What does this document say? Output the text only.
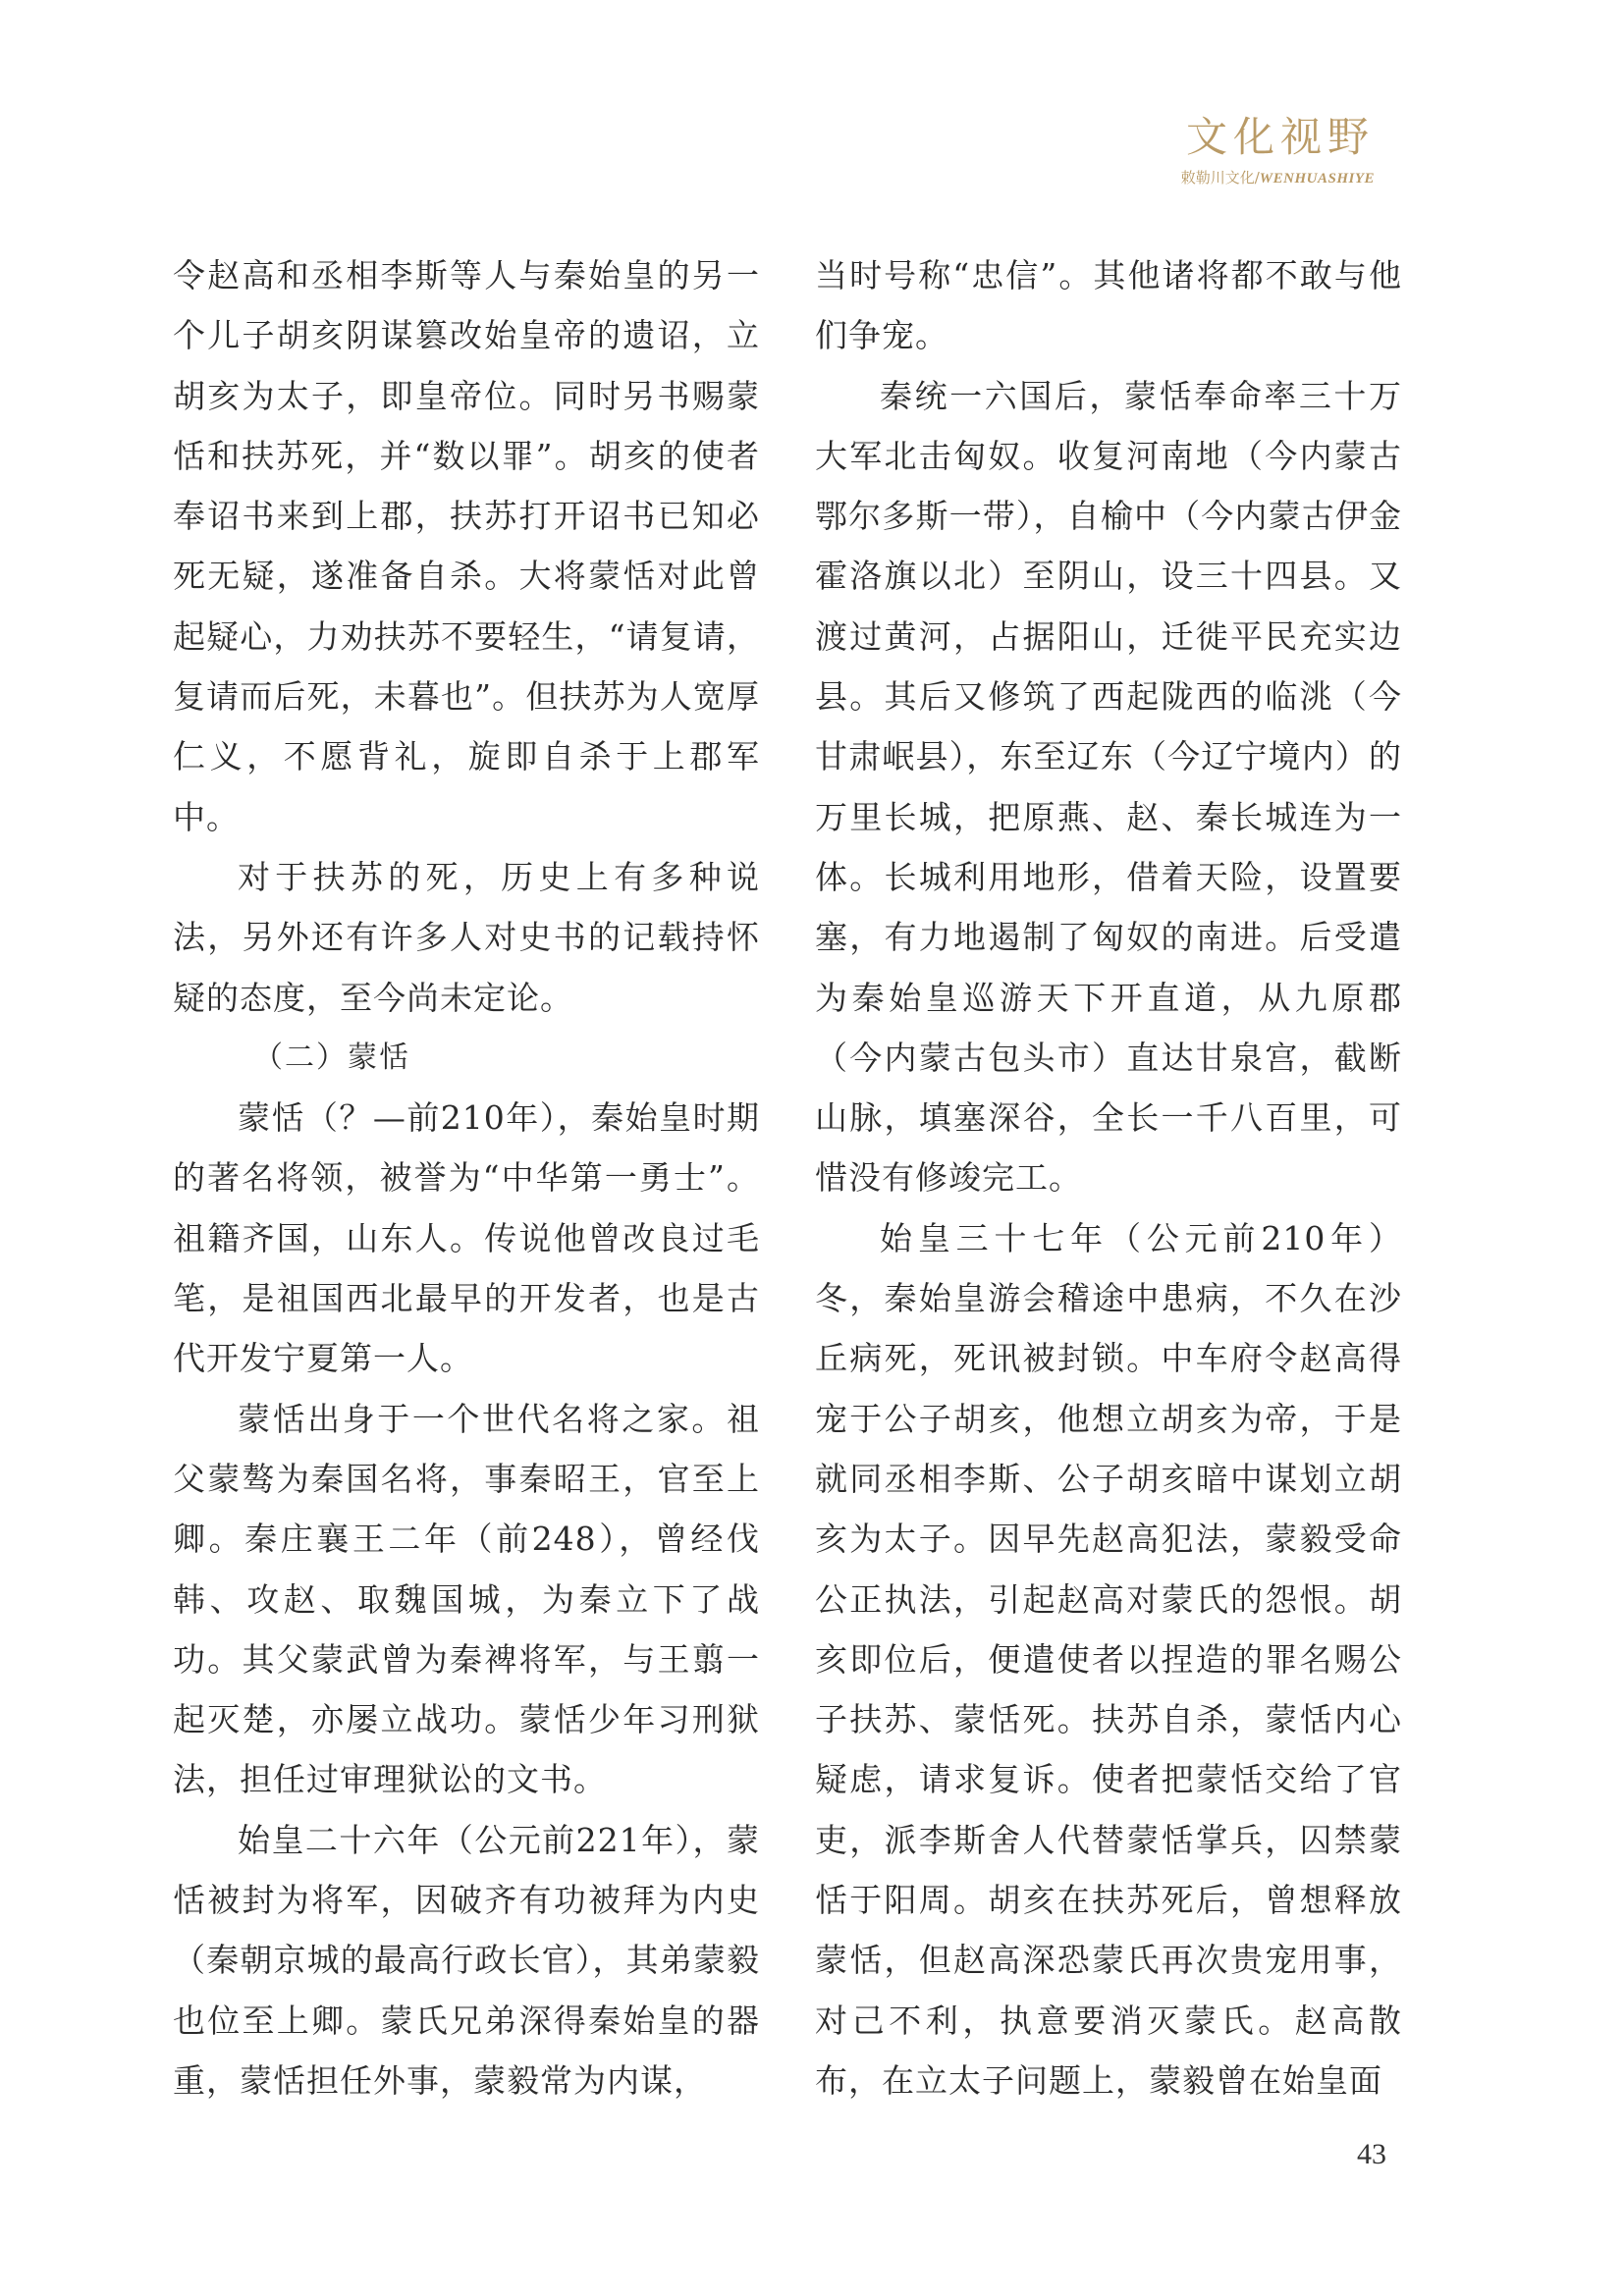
文化视野
敕勒川文化/WENHUASHIYE

令赵高和丞相李斯等人与秦始皇的另一个儿子胡亥阴谋篡改始皇帝的遗诏，立胡亥为太子，即皇帝位。同时另书赐蒙恬和扶苏死，并“数以罪”。胡亥的使者奉诏书来到上郡，扶苏打开诏书已知必死无疑，遂准备自杀。大将蒙恬对此曾起疑心，力劝扶苏不要轻生，“请复请，复请而后死，未暮也”。但扶苏为人宽厚仁义，不愿背礼，旋即自杀于上郡军中。

对于扶苏的死，历史上有多种说法，另外还有许多人对史书的记载持怀疑的态度，至今尚未定论。

（二）蒙恬

蒙恬（？—前210年），秦始皇时期的著名将领，被誉为“中华第一勇士”。祖籍齐国，山东人。传说他曾改良过毛笔，是祖国西北最早的开发者，也是古代开发宁夏第一人。

蒙恬出身于一个世代名将之家。祖父蒙骜为秦国名将，事秦昭王，官至上卿。秦庄襄王二年（前248），曾经伐韩、攻赵、取魏国城，为秦立下了战功。其父蒙武曾为秦裨将军，与王翦一起灭楚，亦屡立战功。蒙恬少年习刑狱法，担任过审理狱讼的文书。

始皇二十六年（公元前221年），蒙恬被封为将军，因破齐有功被拜为内史（秦朝京城的最高行政长官），其弟蒙毅也位至上卿。蒙氏兄弟深得秦始皇的器重，蒙恬担任外事，蒙毅常为内谋，

当时号称“忠信”。其他诸将都不敢与他们争宠。

秦统一六国后，蒙恬奉命率三十万大军北击匈奴。收复河南地（今内蒙古鄂尔多斯一带），自榆中（今内蒙古伊金霍洛旗以北）至阴山，设三十四县。又渡过黄河，占据阳山，迁徙平民充实边县。其后又修筑了西起陇西的临洮（今甘肃岷县），东至辽东（今辽宁境内）的万里长城，把原燕、赵、秦长城连为一体。长城利用地形，借着天险，设置要塞，有力地遏制了匈奴的南进。后受遣为秦始皇巡游天下开直道，从九原郡（今内蒙古包头市）直达甘泉宫，截断山脉，填塞深谷，全长一千八百里，可惜没有修竣完工。

始皇三十七年（公元前210年）冬，秦始皇游会稽途中患病，不久在沙丘病死，死讯被封锁。中车府令赵高得宠于公子胡亥，他想立胡亥为帝，于是就同丞相李斯、公子胡亥暗中谋划立胡亥为太子。因早先赵高犯法，蒙毅受命公正执法，引起赵高对蒙氏的怨恨。胡亥即位后，便遣使者以捏造的罪名赐公子扶苏、蒙恬死。扶苏自杀，蒙恬内心疑虑，请求复诉。使者把蒙恬交给了官吏，派李斯舍人代替蒙恬掌兵，囚禁蒙恬于阳周。胡亥在扶苏死后，曾想释放蒙恬，但赵高深恐蒙氏再次贵宠用事，对己不利，执意要消灭蒙氏。赵高散布，在立太子问题上，蒙毅曾在始皇面

43
